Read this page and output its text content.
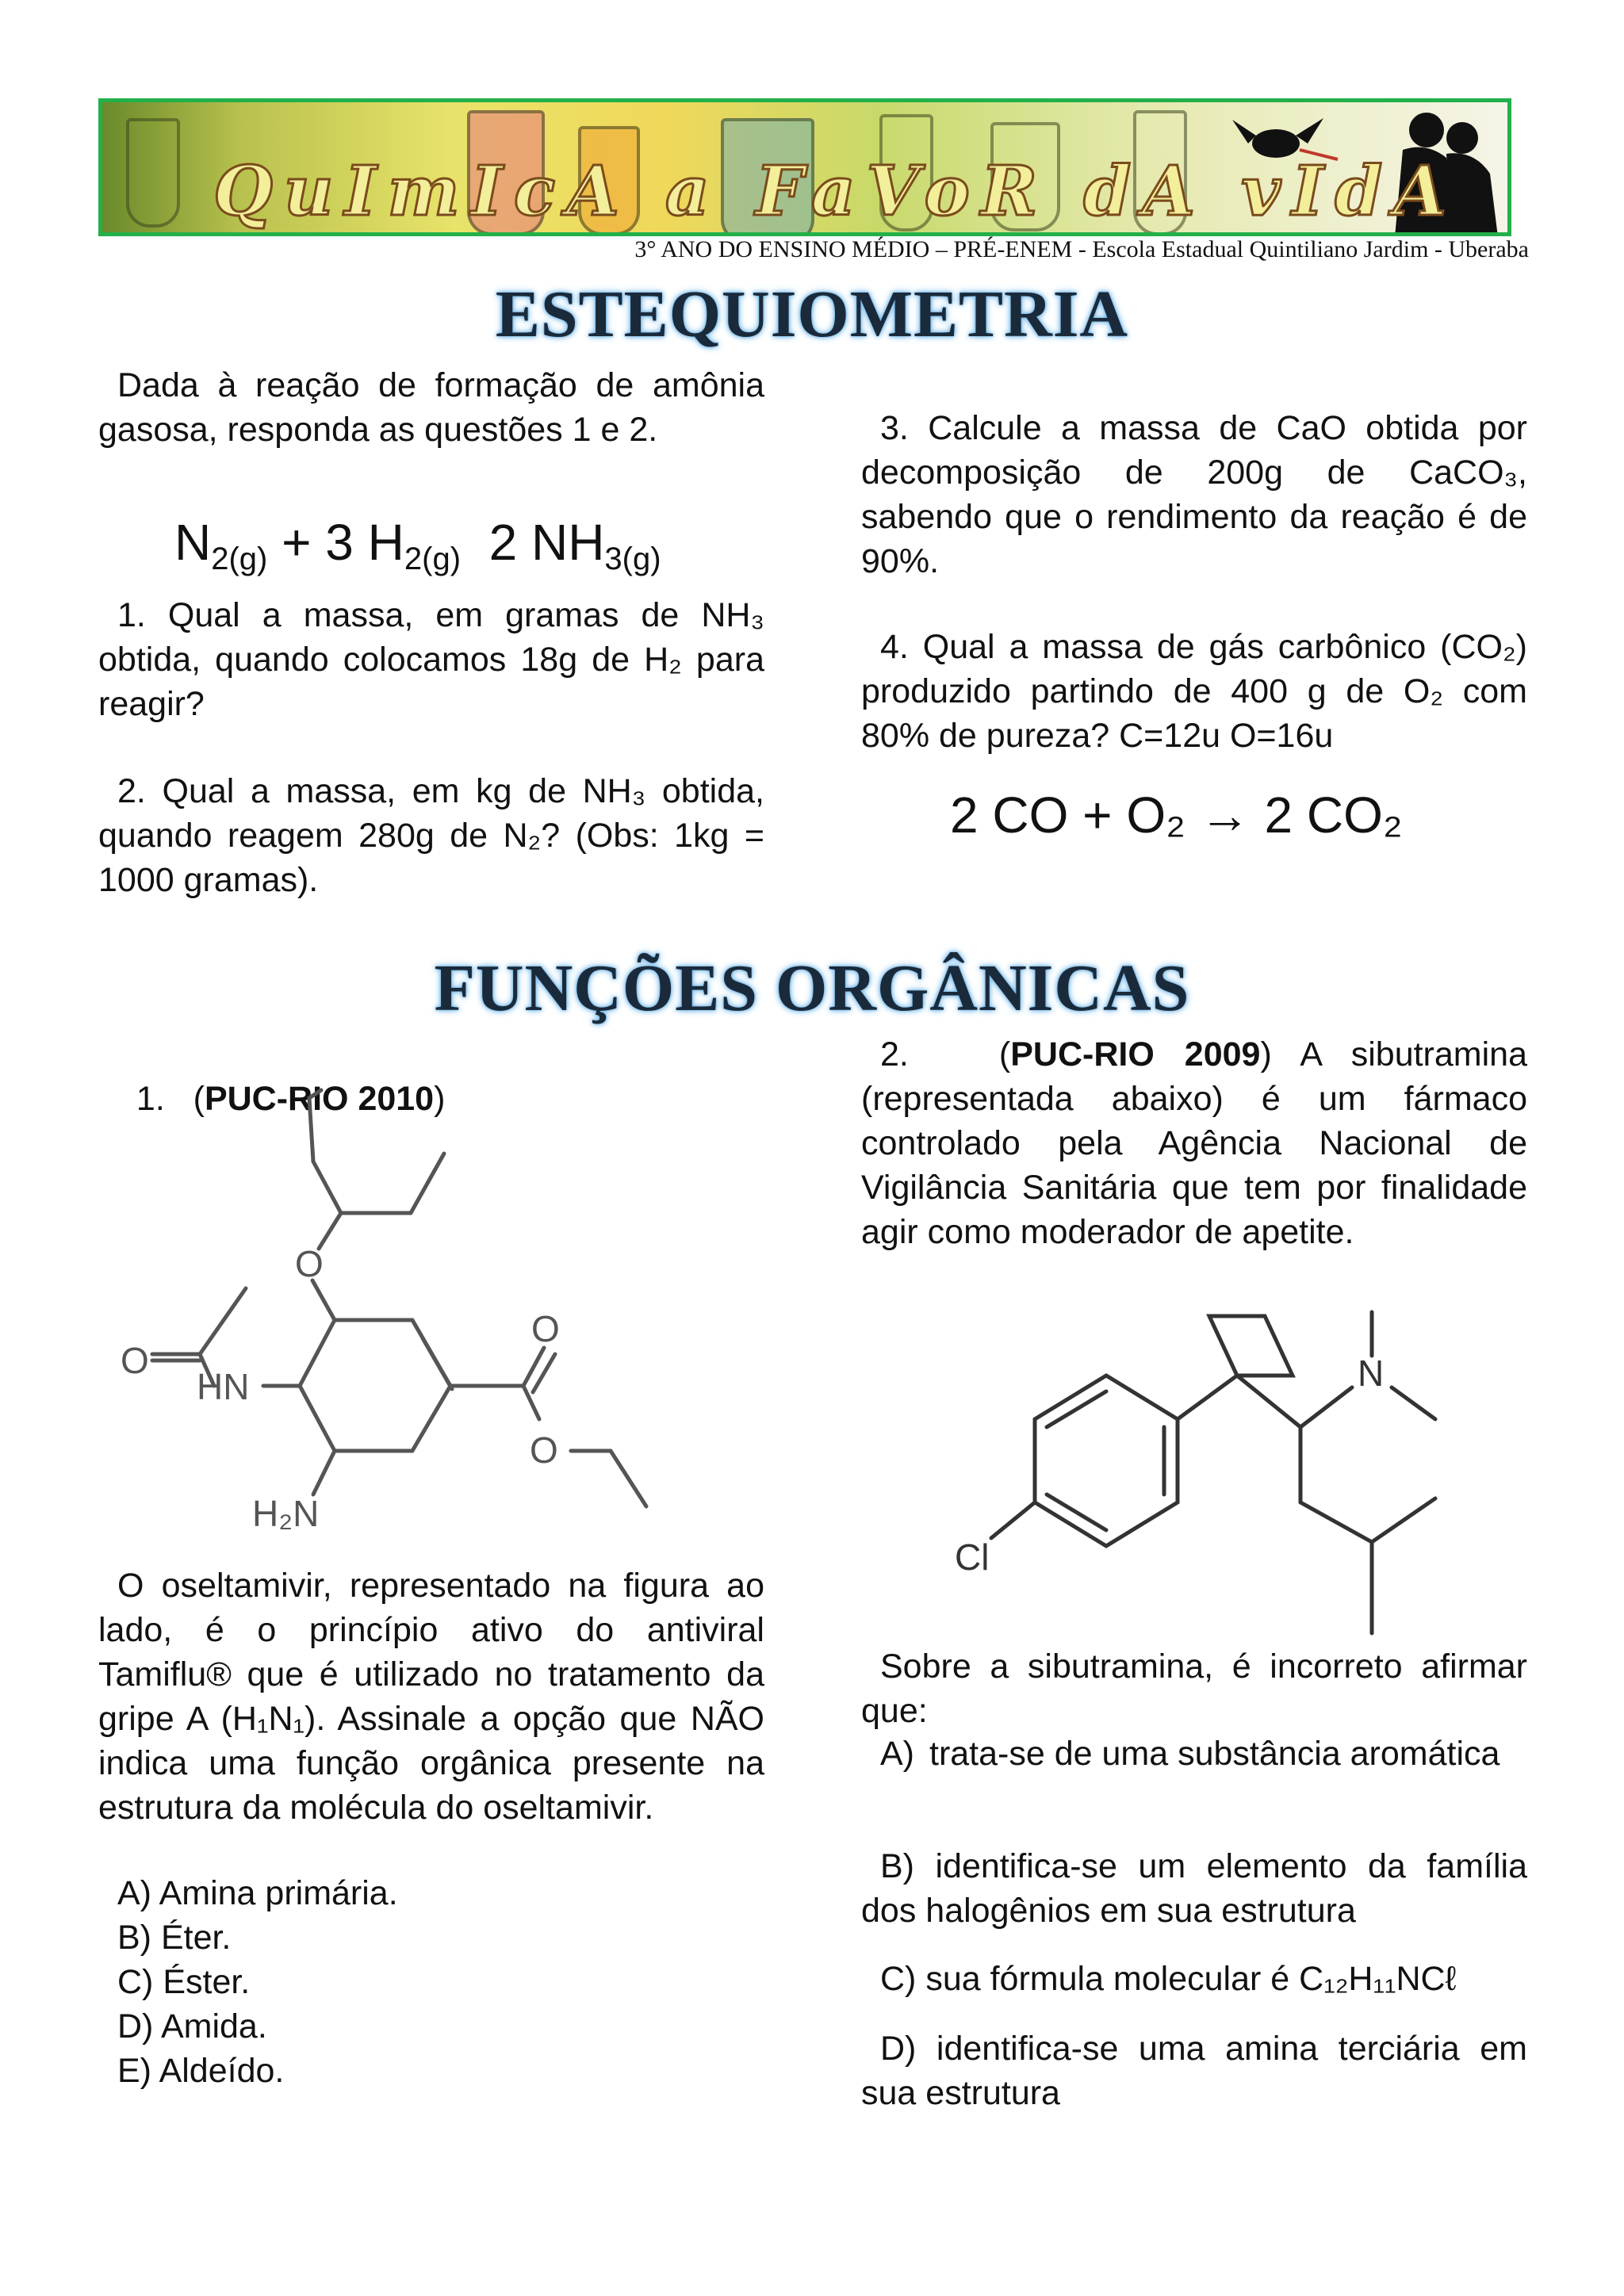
QuImIcA a FaVoR dA vIdA
3° ANO DO ENSINO MÉDIO – PRÉ-ENEM - Escola Estadual Quintiliano Jardim - Uberaba
ESTEQUIOMETRIA
Dada à reação de formação de amônia gasosa, responda as questões 1 e 2.
$N_{2(g)} + 3$ $H_{2(g)}$  2 $NH_{3(g)}$
1. Qual a massa, em gramas de NH₃ obtida, quando colocamos 18g de H₂ para reagir?
2. Qual a massa, em kg de NH₃ obtida, quando reagem 280g de N₂? (Obs: 1kg = 1000 gramas).
3. Calcule a massa de CaO obtida por decomposição de 200g de CaCO₃, sabendo que o rendimento da reação é de 90%.
4. Qual a massa de gás carbônico (CO₂) produzido partindo de 400 g de O₂ com 80% de pureza? C=12u O=16u
2 CO + O₂ → 2 CO₂
FUNÇÕES ORGÂNICAS

1.   (PUC-RIO 2010)

O
O
HN
O
O
H₂N
O oseltamivir, representado na figura ao lado, é o princípio ativo do antiviral Tamiflu® que é utilizado no tratamento da gripe A (H₁N₁). Assinale a opção que NÃO indica uma função orgânica presente na estrutura da molécula do oseltamivir.
A) Amina primária.
B) Éter.
C) Éster.
D) Amida.
E) Aldeído.
2.   (PUC-RIO 2009) A sibutramina (representada abaixo) é um fármaco controlado pela Agência Nacional de Vigilância Sanitária que tem por finalidade agir como moderador de apetite.
N
Cl
Sobre a sibutramina, é incorreto afirmar que:
A) trata-se de uma substância aromática
B) identifica-se um elemento da família dos halogênios em sua estrutura
C) sua fórmula molecular é C₁₂H₁₁NCℓ
D) identifica-se uma amina terciária em sua estrutura
